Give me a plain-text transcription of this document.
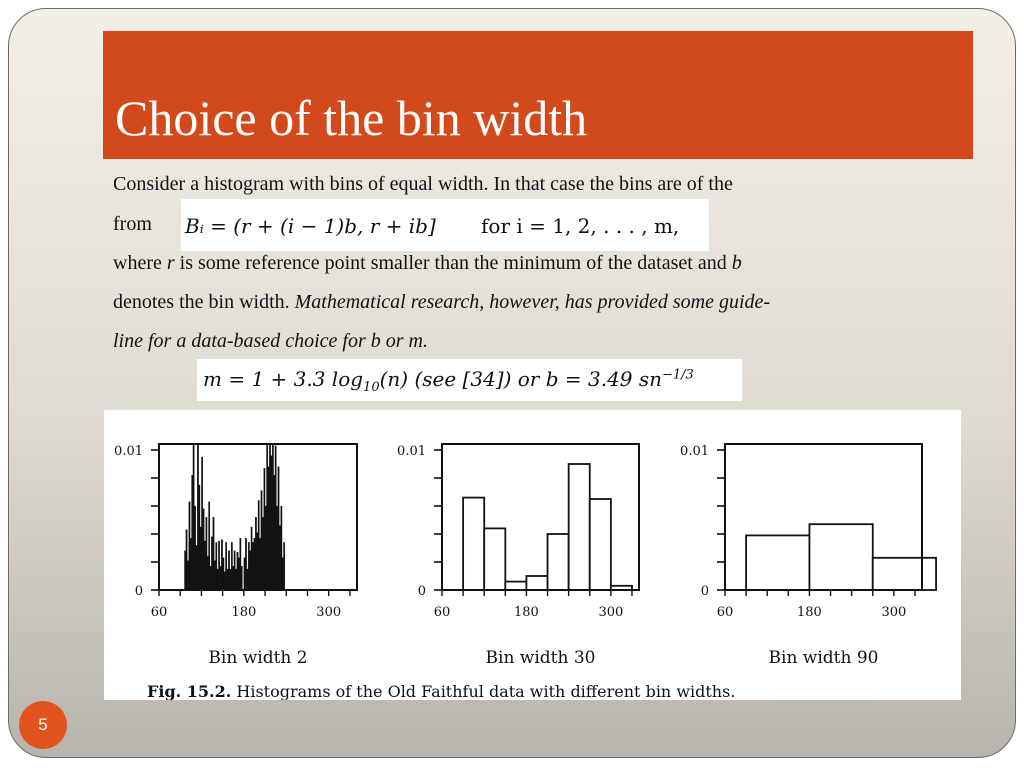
Choice of the bin width
Consider a histogram with bins of equal width. In that case the bins are of the
from Bᵢ = (r + (i − 1)b, r + ib] for i = 1, 2, . . . , m,
where r is some reference point smaller than the minimum of the dataset and b
denotes the bin width. Mathematical research, however, has provided some guide-
line for a data-based choice for b or m.
m = 1 + 3.3 $\log_{10}(n)$ (see [34]) or b = 3.49 $sn^{-1/3}$
0
0.01
60	180	300
Bin width 2
0
0.01
60	180	300
Bin width 30
0
0.01
60	180	300
Bin width 90
Fig. 15.2. Histograms of the Old Faithful data with different bin widths.
5
